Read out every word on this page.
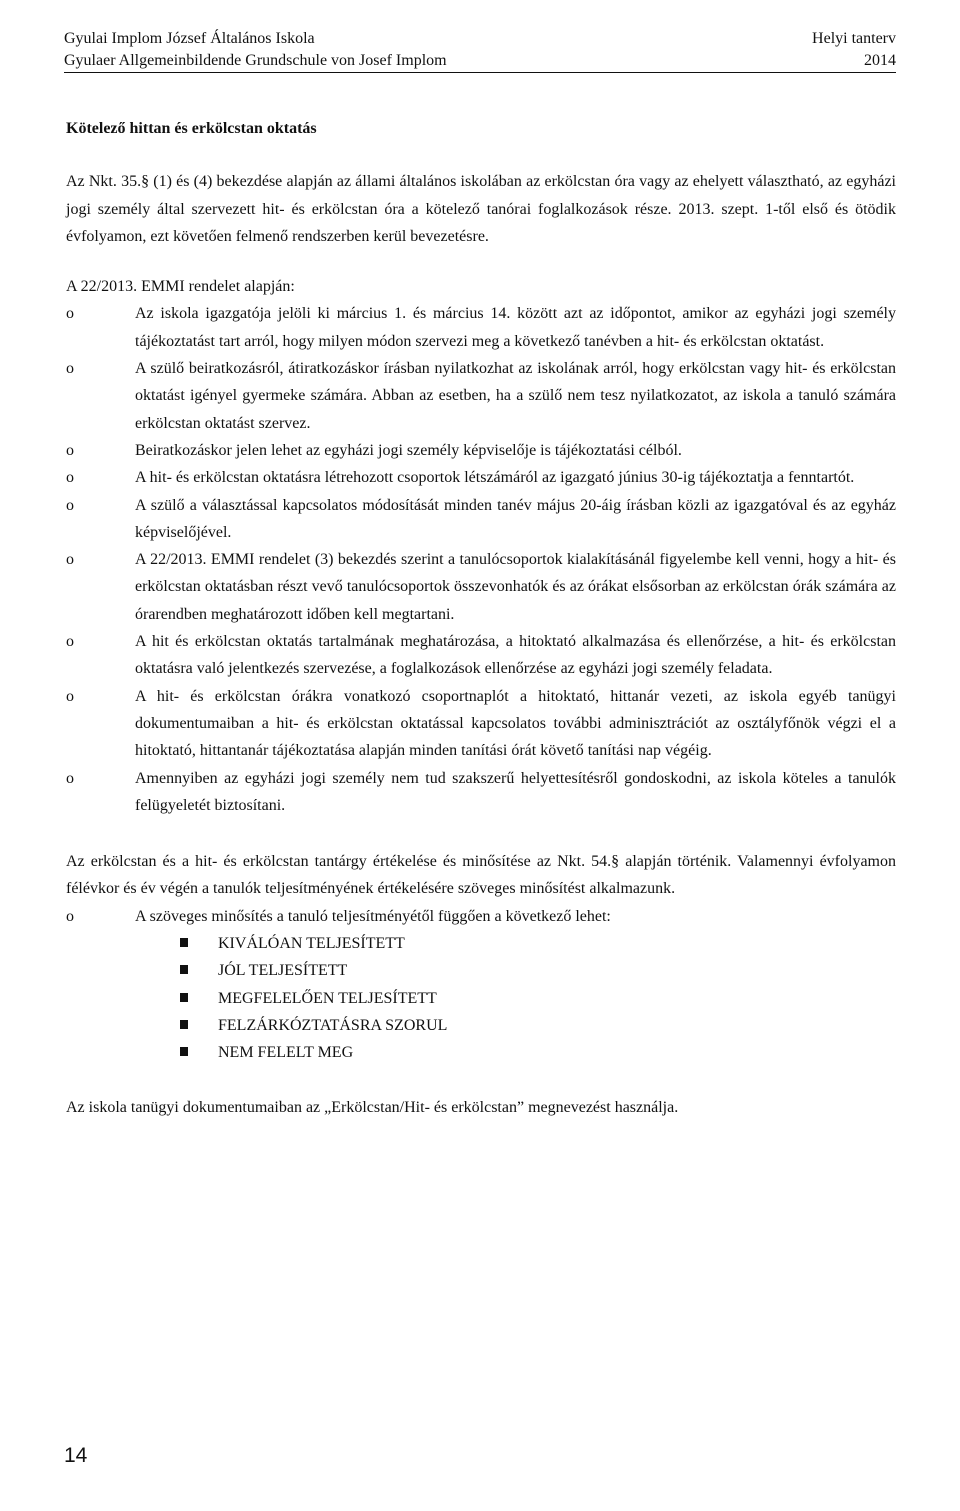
Gyulai Implom József Általános Iskola	Helyi tanterv
Gyulaer Allgemeinbildende Grundschule von Josef Implom	2014

Kötelező hittan és erkölcstan oktatás

Az Nkt. 35.§ (1) és (4) bekezdése alapján az állami általános iskolában az erkölcstan óra vagy az ehelyett választható, az egyházi jogi személy által szervezett hit- és erkölcstan óra a kötelező tanórai foglalkozások része. 2013. szept. 1-től első és ötödik évfolyamon, ezt követően felmenő rendszerben kerül bevezetésre.

A 22/2013. EMMI rendelet alapján:

o	Az iskola igazgatója jelöli ki március 1. és március 14. között azt az időpontot, amikor az egyházi jogi személy tájékoztatást tart arról, hogy milyen módon szervezi meg a következő tanévben a hit- és erkölcstan oktatást.
o	A szülő beiratkozásról, átiratkozáskor írásban nyilatkozhat az iskolának arról, hogy erkölcstan vagy hit- és erkölcstan oktatást igényel gyermeke számára. Abban az esetben, ha a szülő nem tesz nyilatkozatot, az iskola a tanuló számára erkölcstan oktatást szervez.
o	Beiratkozáskor jelen lehet az egyházi jogi személy képviselője is tájékoztatási célból.
o	A hit- és erkölcstan oktatásra létrehozott csoportok létszámáról az igazgató június 30-ig tájékoztatja a fenntartót.
o	A szülő a választással kapcsolatos módosítását minden tanév május 20-áig írásban közli az igazgatóval és az egyház képviselőjével.
o	A 22/2013. EMMI rendelet (3) bekezdés szerint a tanulócsoportok kialakításánál figyelembe kell venni, hogy a hit- és erkölcstan oktatásban részt vevő tanulócsoportok összevonhatók és az órákat elsősorban az erkölcstan órák számára az órarendben meghatározott időben kell megtartani.
o	A hit és erkölcstan oktatás tartalmának meghatározása, a hitoktató alkalmazása és ellenőrzése, a hit- és erkölcstan oktatásra való jelentkezés szervezése, a foglalkozások ellenőrzése az egyházi jogi személy feladata.
o	A hit- és erkölcstan órákra vonatkozó csoportnaplót a hitoktató, hittanár vezeti, az iskola egyéb tanügyi dokumentumaiban a hit- és erkölcstan oktatással kapcsolatos további adminisztrációt az osztályfőnök végzi el a hitoktató, hittantanár tájékoztatása alapján minden tanítási órát követő tanítási nap végéig.
o	Amennyiben az egyházi jogi személy nem tud szakszerű helyettesítésről gondoskodni, az iskola köteles a tanulók felügyeletét biztosítani.

Az erkölcstan és a hit- és erkölcstan tantárgy értékelése és minősítése az Nkt. 54.§ alapján történik. Valamennyi évfolyamon félévkor és év végén a tanulók teljesítményének értékelésére szöveges minősítést alkalmazunk.

o	A szöveges minősítés a tanuló teljesítményétől függően a következő lehet:
KIVÁLÓAN TELJESÍTETT
JÓL TELJESÍTETT
MEGFELELŐEN TELJESÍTETT
FELZÁRKÓZTATÁSRA SZORUL
NEM FELELT MEG

Az iskola tanügyi dokumentumaiban az „Erkölcstan/Hit- és erkölcstan” megnevezést használja.

14
